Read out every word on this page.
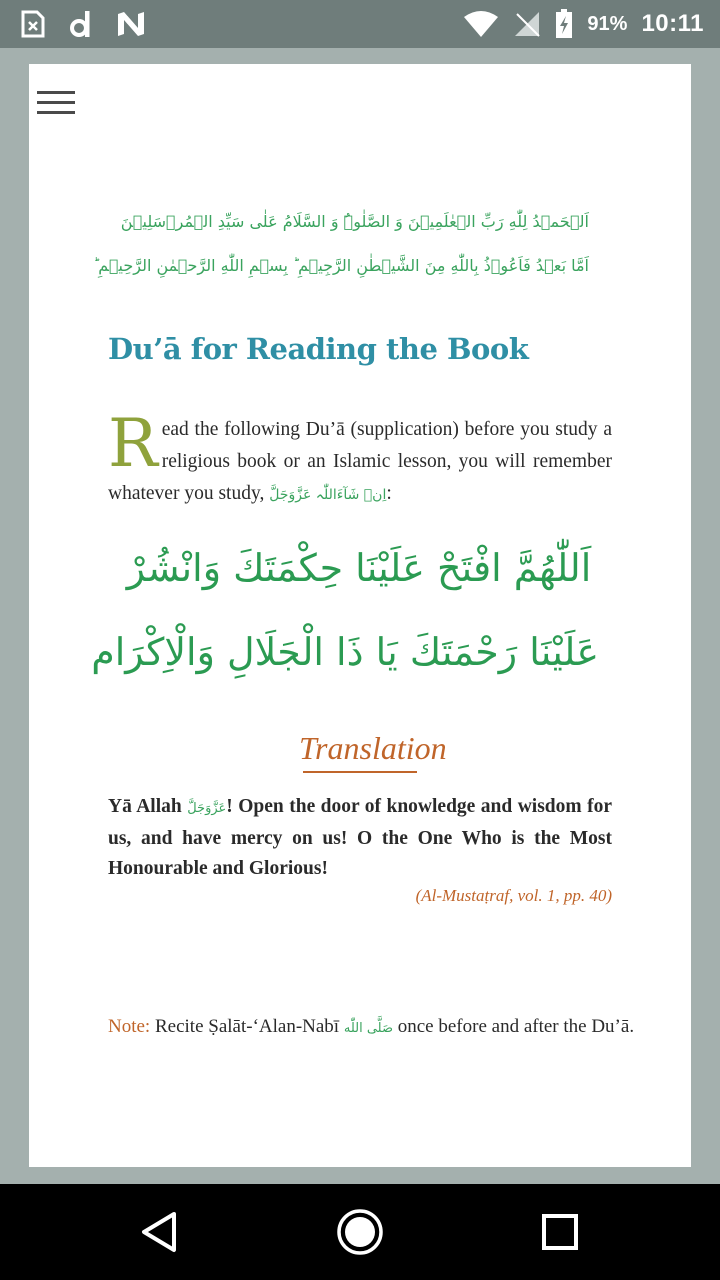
91% 10:11
اَلۡحَمۡدُ لِلّٰهِ رَبِّ الۡعٰلَمِیۡنَ وَ الصَّلٰوۃُ وَ السَّلَامُ عَلٰی سَیِّدِ الۡمُرۡسَلِیۡنَ
اَمَّا بَعۡدُ فَاَعُوۡذُ بِاللّٰهِ مِنَ الشَّیۡطٰنِ الرَّجِیۡمِ ؕ بِسۡمِ اللّٰهِ الرَّحۡمٰنِ الرَّحِیۡمِ ؕ
Du’ā for Reading the Book
Read the following Du’ā (supplication) before you study a religious book or an Islamic lesson, you will remember whatever you study, اِنۡ شَآءَاللّٰہ عَزَّوَجَلَّ:
اَللّٰهُمَّ افْتَحْ عَلَيْنَا حِكْمَتَكَ وَانْشُرْ
عَلَيْنَا رَحْمَتَكَ يَا ذَا الْجَلَالِ وَالْاِكْرَام
Translation
Yā Allah عَزَّوَجَلَّ! Open the door of knowledge and wisdom for us, and have mercy on us! O the One Who is the Most Honourable and Glorious!
(Al-Mustaṭraf, vol. 1, pp. 40)
Note: Recite Ṣalāt-‘Alan-Nabī صَلَّى اللّٰه once before and after the Du’ā.
